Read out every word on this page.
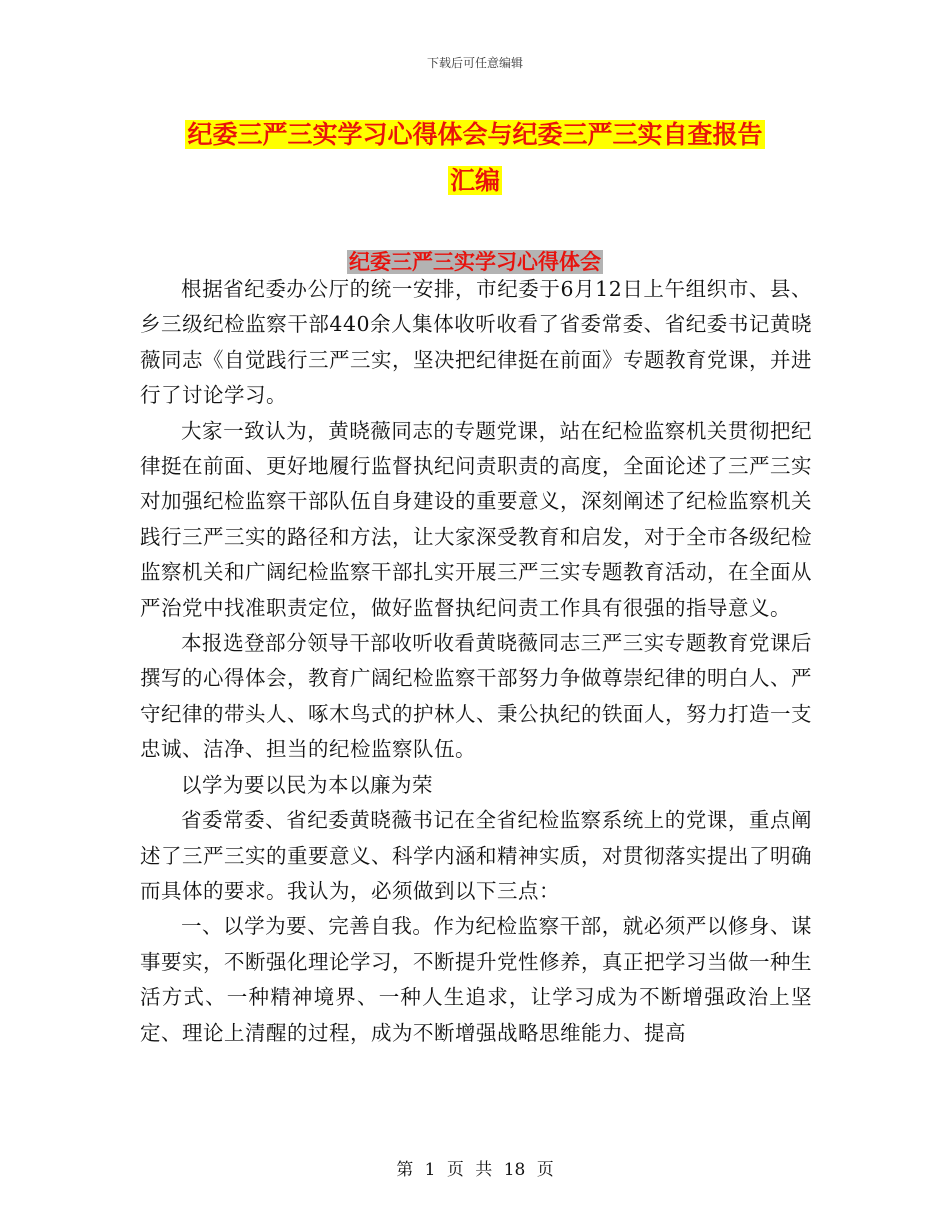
下载后可任意编辑
纪委三严三实学习心得体会与纪委三严三实自查报告
汇编
纪委三严三实学习心得体会

根据省纪委办公厅的统一安排，市纪委于6月12日上午组织市、县、乡三级纪检监察干部440余人集体收听收看了省委常委、省纪委书记黄晓薇同志《自觉践行三严三实，坚决把纪律挺在前面》专题教育党课，并进行了讨论学习。

大家一致认为，黄晓薇同志的专题党课，站在纪检监察机关贯彻把纪律挺在前面、更好地履行监督执纪问责职责的高度，全面论述了三严三实对加强纪检监察干部队伍自身建设的重要意义，深刻阐述了纪检监察机关践行三严三实的路径和方法，让大家深受教育和启发，对于全市各级纪检监察机关和广阔纪检监察干部扎实开展三严三实专题教育活动，在全面从严治党中找准职责定位，做好监督执纪问责工作具有很强的指导意义。

本报选登部分领导干部收听收看黄晓薇同志三严三实专题教育党课后撰写的心得体会，教育广阔纪检监察干部努力争做尊崇纪律的明白人、严守纪律的带头人、啄木鸟式的护林人、秉公执纪的铁面人，努力打造一支忠诚、洁净、担当的纪检监察队伍。

以学为要以民为本以廉为荣

省委常委、省纪委黄晓薇书记在全省纪检监察系统上的党课，重点阐述了三严三实的重要意义、科学内涵和精神实质，对贯彻落实提出了明确而具体的要求。我认为，必须做到以下三点：

一、以学为要、完善自我。作为纪检监察干部，就必须严以修身、谋事要实，不断强化理论学习，不断提升党性修养，真正把学习当做一种生活方式、一种精神境界、一种人生追求，让学习成为不断增强政治上坚定、理论上清醒的过程，成为不断增强战略思维能力、提高

第 1 页 共 18 页
